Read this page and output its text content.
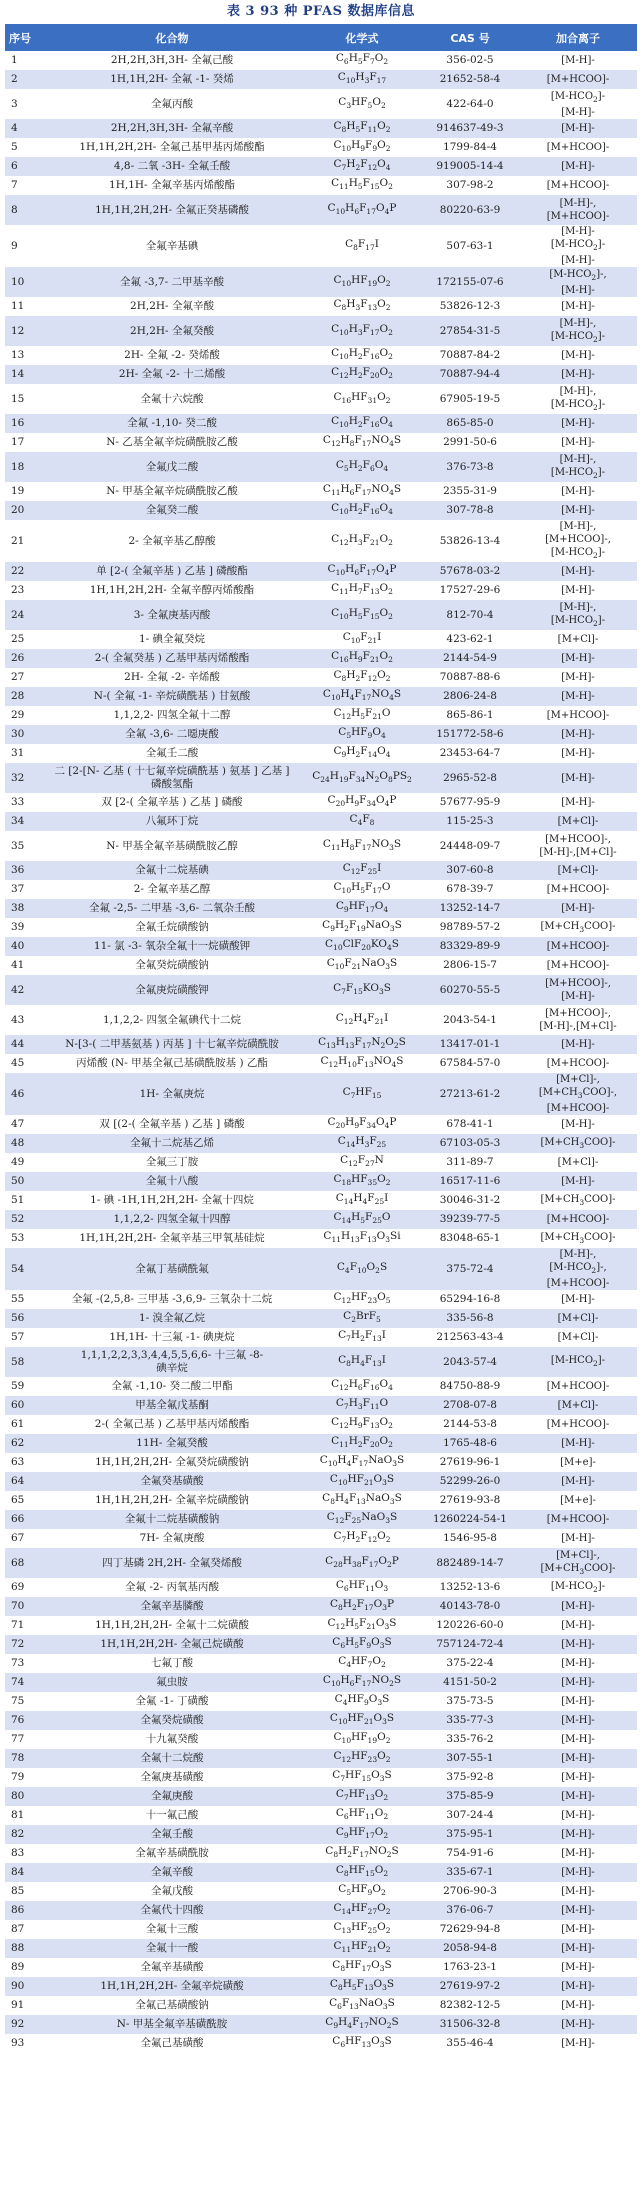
表 3 93 种 PFAS 数据库信息
序号	化合物	化学式	CAS 号	加合离子
1	2H,2H,3H,3H- 全氟己酸	$C_6H_5F_7O_2$	356-02-5	[M-H]-
2	1H,1H,2H- 全氟 -1- 癸烯	$C_{10}H_3F_{17}$	21652-58-4	[M+HCOO]-
3	全氟丙酸	$C_3HF_5O_2$	422-64-0	$[M-HCO_2]-$
[M-H]-
4	2H,2H,3H,3H- 全氟辛酸	$C_8H_5F_{11}O_2$	914637-49-3	[M-H]-
5	1H,1H,2H,2H- 全氟己基甲基丙烯酸酯	$C_{10}H_9F_9O_2$	1799-84-4	[M+HCOO]-
6	4,8- 二氧 -3H- 全氟壬酸	$C_7H_2F_{12}O_4$	919005-14-4	[M-H]-
7	1H,1H- 全氟辛基丙烯酸酯	$C_{11}H_5F_{15}O_2$	307-98-2	[M+HCOO]-
8	1H,1H,2H,2H- 全氟正癸基磷酸	$C_{10}H_6F_{17}O_4P$	80220-63-9	[M-H]-,
[M+HCOO]-
9	全氟辛基碘	$C_8F_{17}I$	507-63-1	[M-H]-
$[M-HCO_2]-$
[M-H]-
10	全氟 -3,7- 二甲基辛酸	$C_{10}HF_{19}O_2$	172155-07-6	$[M-HCO_2]-$,
[M-H]-
11	2H,2H- 全氟辛酸	$C_8H_3F_{13}O_2$	53826-12-3	[M-H]-
12	2H,2H- 全氟癸酸	$C_{10}H_3F_{17}O_2$	27854-31-5	[M-H]-,
$[M-HCO_2]-$
13	2H- 全氟 -2- 癸烯酸	$C_{10}H_2F_{16}O_2$	70887-84-2	[M-H]-
14	2H- 全氟 -2- 十二烯酸	$C_{12}H_2F_{20}O_2$	70887-94-4	[M-H]-
15	全氟十六烷酸	$C_{16}HF_{31}O_2$	67905-19-5	[M-H]-,
$[M-HCO_2]-$
16	全氟 -1,10- 癸二酸	$C_{10}H_2F_{16}O_4$	865-85-0	[M-H]-
17	N- 乙基全氟辛烷磺酰胺乙酸	$C_{12}H_8F_{17}NO_4S$	2991-50-6	[M-H]-
18	全氟戊二酸	$C_5H_2F_6O_4$	376-73-8	[M-H]-,
$[M-HCO_2]-$
19	N- 甲基全氟辛烷磺酰胺乙酸	$C_{11}H_6F_{17}NO_4S$	2355-31-9	[M-H]-
20	全氟癸二酸	$C_{10}H_2F_{16}O_4$	307-78-8	[M-H]-
21	2- 全氟辛基乙醇酸	$C_{12}H_3F_{21}O_2$	53826-13-4	[M-H]-,
[M+HCOO]-,
$[M-HCO_2]-$
22	单 [2-( 全氟辛基 ) 乙基 ] 磷酸酯	$C_{10}H_6F_{17}O_4P$	57678-03-2	[M-H]-
23	1H,1H,2H,2H- 全氟辛醇丙烯酸酯	$C_{11}H_7F_{13}O_2$	17527-29-6	[M-H]-
24	3- 全氟庚基丙酸	$C_{10}H_5F_{15}O_2$	812-70-4	[M-H]-,
$[M-HCO_2]-$
25	1- 碘全氟癸烷	$C_{10}F_{21}I$	423-62-1	[M+Cl]-
26	2-( 全氟癸基 ) 乙基甲基丙烯酸酯	$C_{16}H_9F_{21}O_2$	2144-54-9	[M-H]-
27	2H- 全氟 -2- 辛烯酸	$C_8H_2F_{12}O_2$	70887-88-6	[M-H]-
28	N-( 全氟 -1- 辛烷磺酰基 ) 甘氨酸	$C_{10}H_4F_{17}NO_4S$	2806-24-8	[M-H]-
29	1,1,2,2- 四氢全氟十二醇	$C_{12}H_5F_{21}O$	865-86-1	[M+HCOO]-
30	全氟 -3,6- 二噁庚酸	$C_5HF_9O_4$	151772-58-6	[M-H]-
31	全氟壬二酸	$C_9H_2F_{14}O_4$	23453-64-7	[M-H]-
32	二 [2-[N- 乙基 ( 十七氟辛烷磺酰基 ) 氨基 ] 乙基 ]
磷酸氢酯	$C_{24}H_{19}F_{34}N_2O_8PS_2$	2965-52-8	[M-H]-
33	双 [2-( 全氟辛基 ) 乙基 ] 磷酸	$C_{20}H_9F_{34}O_4P$	57677-95-9	[M-H]-
34	八氟环丁烷	$C_4F_8$	115-25-3	[M+Cl]-
35	N- 甲基全氟辛基磺酰胺乙醇	$C_{11}H_8F_{17}NO_3S$	24448-09-7	[M+HCOO]-,
[M-H]-,[M+Cl]-
36	全氟十二烷基碘	$C_{12}F_{25}I$	307-60-8	[M+Cl]-
37	2- 全氟辛基乙醇	$C_{10}H_5F_{17}O$	678-39-7	[M+HCOO]-
38	全氟 -2,5- 二甲基 -3,6- 二氧杂壬酸	$C_9HF_{17}O_4$	13252-14-7	[M-H]-
39	全氟壬烷磺酸钠	$C_9H_2F_{19}NaO_3S$	98789-57-2	$[M+CH_3COO]-$
40	11- 氯 -3- 氧杂全氟十一烷磺酸钾	$C_{10}ClF_{20}KO_4S$	83329-89-9	[M+HCOO]-
41	全氟癸烷磺酸钠	$C_{10}F_{21}NaO_3S$	2806-15-7	[M+HCOO]-
42	全氟庚烷磺酸钾	$C_7F_{15}KO_3S$	60270-55-5	[M+HCOO]-,
[M-H]-
43	1,1,2,2- 四氢全氟碘代十二烷	$C_{12}H_4F_{21}I$	2043-54-1	[M+HCOO]-,
[M-H]-,[M+Cl]-
44	N-[3-( 二甲基氨基 ) 丙基 ] 十七氟辛烷磺酰胺	$C_{13}H_{13}F_{17}N_2O_2S$	13417-01-1	[M-H]-
45	丙烯酸 (N- 甲基全氟己基磺酰胺基 ) 乙酯	$C_{12}H_{10}F_{13}NO_4S$	67584-57-0	[M+HCOO]-
46	1H- 全氟庚烷	$C_7HF_{15}$	27213-61-2	[M+Cl]-,
$[M+CH_3COO]-$,
[M+HCOO]-
47	双 [(2-( 全氟辛基 ) 乙基 ] 磷酸	$C_{20}H_9F_{34}O_4P$	678-41-1	[M-H]-
48	全氟十二烷基乙烯	$C_{14}H_3F_{25}$	67103-05-3	$[M+CH_3COO]-$
49	全氟三丁胺	$C_{12}F_{27}N$	311-89-7	[M+Cl]-
50	全氟十八酸	$C_{18}HF_{35}O_2$	16517-11-6	[M-H]-
51	1- 碘 -1H,1H,2H,2H- 全氟十四烷	$C_{14}H_4F_{25}I$	30046-31-2	$[M+CH_3COO]-$
52	1,1,2,2- 四氢全氟十四醇	$C_{14}H_5F_{25}O$	39239-77-5	[M+HCOO]-
53	1H,1H,2H,2H- 全氟辛基三甲氧基硅烷	$C_{11}H_{13}F_{13}O_3Si$	83048-65-1	$[M+CH_3COO]-$
54	全氟丁基磺酰氟	$C_4F_{10}O_2S$	375-72-4	[M-H]-,
$[M-HCO_2]-$,
[M+HCOO]-
55	全氟 -(2,5,8- 三甲基 -3,6,9- 三氧杂十二烷	$C_{12}HF_{23}O_5$	65294-16-8	[M-H]-
56	1- 溴全氟乙烷	$C_2BrF_5$	335-56-8	[M+Cl]-
57	1H,1H- 十三氟 -1- 碘庚烷	$C_7H_2F_{13}I$	212563-43-4	[M+Cl]-
58	1,1,1,2,2,3,3,4,4,5,5,6,6- 十三氟 -8-
碘辛烷	$C_8H_4F_{13}I$	2043-57-4	$[M-HCO_2]-$
59	全氟 -1,10- 癸二酸二甲酯	$C_{12}H_6F_{16}O_4$	84750-88-9	[M+HCOO]-
60	甲基全氟戊基酮	$C_7H_3F_{11}O$	2708-07-8	[M+Cl]-
61	2-( 全氟己基 ) 乙基甲基丙烯酸酯	$C_{12}H_9F_{13}O_2$	2144-53-8	[M+HCOO]-
62	11H- 全氟癸酸	$C_{11}H_2F_{20}O_2$	1765-48-6	[M-H]-
63	1H,1H,2H,2H- 全氟癸烷磺酸钠	$C_{10}H_4F_{17}NaO_3S$	27619-96-1	[M+e]-
64	全氟癸基磺酸	$C_{10}HF_{21}O_3S$	52299-26-0	[M-H]-
65	1H,1H,2H,2H- 全氟辛烷磺酸钠	$C_8H_4F_{13}NaO_3S$	27619-93-8	[M+e]-
66	全氟十二烷基磺酸钠	$C_{12}F_{25}NaO_3S$	1260224-54-1	[M+HCOO]-
67	7H- 全氟庚酸	$C_7H_2F_{12}O_2$	1546-95-8	[M-H]-
68	四丁基磷 2H,2H- 全氟癸烯酸	$C_{28}H_{38}F_{17}O_2P$	882489-14-7	[M+Cl]-,
$[M+CH_3COO]-$
69	全氟 -2- 丙氧基丙酸	$C_6HF_{11}O_3$	13252-13-6	$[M-HCO_2]-$
70	全氟辛基膦酸	$C_8H_2F_{17}O_3P$	40143-78-0	[M-H]-
71	1H,1H,2H,2H- 全氟十二烷磺酸	$C_{12}H_5F_{21}O_3S$	120226-60-0	[M-H]-
72	1H,1H,2H,2H- 全氟己烷磺酸	$C_6H_5F_9O_3S$	757124-72-4	[M-H]-
73	七氟丁酸	$C_4HF_7O_2$	375-22-4	[M-H]-
74	氟虫胺	$C_{10}H_6F_{17}NO_2S$	4151-50-2	[M-H]-
75	全氟 -1- 丁磺酸	$C_4HF_9O_3S$	375-73-5	[M-H]-
76	全氟癸烷磺酸	$C_{10}HF_{21}O_3S$	335-77-3	[M-H]-
77	十九氟癸酸	$C_{10}HF_{19}O_2$	335-76-2	[M-H]-
78	全氟十二烷酸	$C_{12}HF_{23}O_2$	307-55-1	[M-H]-
79	全氟庚基磺酸	$C_7HF_{15}O_3S$	375-92-8	[M-H]-
80	全氟庚酸	$C_7HF_{13}O_2$	375-85-9	[M-H]-
81	十一氟己酸	$C_6HF_{11}O_2$	307-24-4	[M-H]-
82	全氟壬酸	$C_9HF_{17}O_2$	375-95-1	[M-H]-
83	全氟辛基磺酰胺	$C_8H_2F_{17}NO_2S$	754-91-6	[M-H]-
84	全氟辛酸	$C_8HF_{15}O_2$	335-67-1	[M-H]-
85	全氟戊酸	$C_5HF_9O_2$	2706-90-3	[M-H]-
86	全氟代十四酸	$C_{14}HF_{27}O_2$	376-06-7	[M-H]-
87	全氟十三酸	$C_{13}HF_{25}O_2$	72629-94-8	[M-H]-
88	全氟十一酸	$C_{11}HF_{21}O_2$	2058-94-8	[M-H]-
89	全氟辛基磺酸	$C_8HF_{17}O_3S$	1763-23-1	[M-H]-
90	1H,1H,2H,2H- 全氟辛烷磺酸	$C_8H_5F_{13}O_3S$	27619-97-2	[M-H]-
91	全氟己基磺酸钠	$C_6F_{13}NaO_3S$	82382-12-5	[M-H]-
92	N- 甲基全氟辛基磺酰胺	$C_9H_4F_{17}NO_2S$	31506-32-8	[M-H]-
93	全氟己基磺酸	$C_6HF_{13}O_3S$	355-46-4	[M-H]-
